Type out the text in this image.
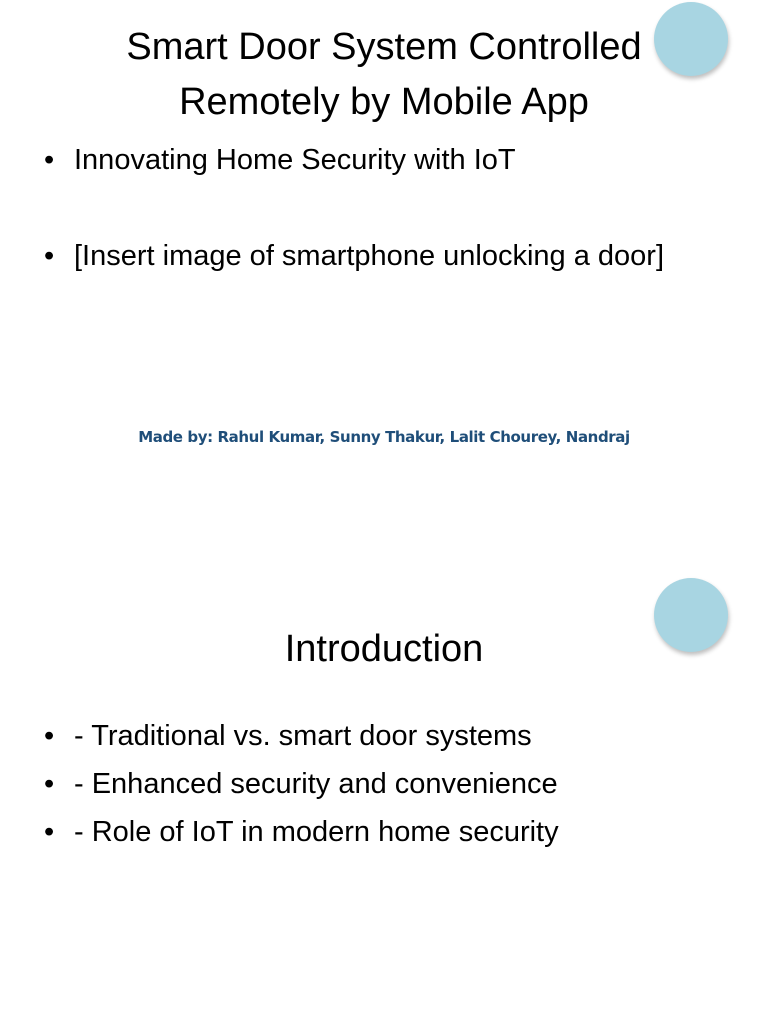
Smart Door System Controlled
Remotely by Mobile App
• Innovating Home Security with IoT
• [Insert image of smartphone unlocking a door]
Made by: Rahul Kumar, Sunny Thakur, Lalit Chourey, Nandraj
Introduction
• - Traditional vs. smart door systems
• - Enhanced security and convenience
• - Role of IoT in modern home security
